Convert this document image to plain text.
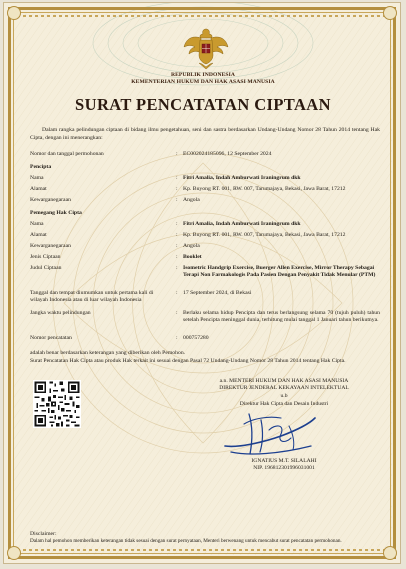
REPUBLIK INDONESIA
KEMENTERIAN HUKUM DAN HAK ASASI MANUSIA
SURAT PENCATATAN CIPTAAN
Dalam rangka pelindungan ciptaan di bidang ilmu pengetahuan, seni dan sastra berdasarkan Undang-Undang Nomor 28 Tahun 2014 tentang Hak Cipta, dengan ini menerangkan:
Nomor dan tanggal permohonan	: EC002024185096, 12 September 2024
Pencipta
Nama	: Fitri Amalia, Indah Amburwati Iraningrum dkk
Alamat	: Kp. Buyong RT. 001, RW. 007, Tarumajaya, Bekasi, Jawa Barat, 17212
Kewarganegaraan	: Angola
Pemegang Hak Cipta
Nama	: Fitri Amalia, Indah Amburwati Iraningrum dkk
Alamat	: Kp. Buyong RT. 001, RW. 007, Tarumajaya, Bekasi, Jawa Barat, 17212
Kewarganegaraan	: Angola
Jenis Ciptaan	: Booklet
Judul Ciptaan	: Isometric Handgrip Exercise, Buerger Allen Exercise, Mirror Therapy Sebagai Terapi Non Farmakologis Pada Pasien Dengan Penyakit Tidak Menular (PTM)
Tanggal dan tempat diumumkan untuk pertama kali di wilayah Indonesia atau di luar wilayah Indonesia
: 17 September 2024, di Bekasi
Jangka waktu pelindungan	: Berlaku selama hidup Pencipta dan terus berlangsung selama 70 (tujuh puluh) tahun setelah Pencipta meninggal dunia, terhitung mulai tanggal 1 Januari tahun berikutnya.
Nomor pencatatan	: 000757280
adalah benar berdasarkan keterangan yang diberikan oleh Pemohon.
Surat Pencatatan Hak Cipta atau produk Hak terkait ini sesuai dengan Pasal 72 Undang-Undang Nomor 28 Tahun 2014 tentang Hak Cipta.
a.n. MENTERI HUKUM DAN HAK ASASI MANUSIA
DIREKTUR JENDERAL KEKAYAAN INTELEKTUAL
u.b
Direktur Hak Cipta dan Desain Industri
IGNATIUS M.T. SILALAHI
NIP. 196812301996031001
Disclaimer:
Dalam hal pemohon memberikan keterangan tidak sesuai dengan surat pernyataan, Menteri berwenang untuk mencabut surat pencatatan permohonan.
